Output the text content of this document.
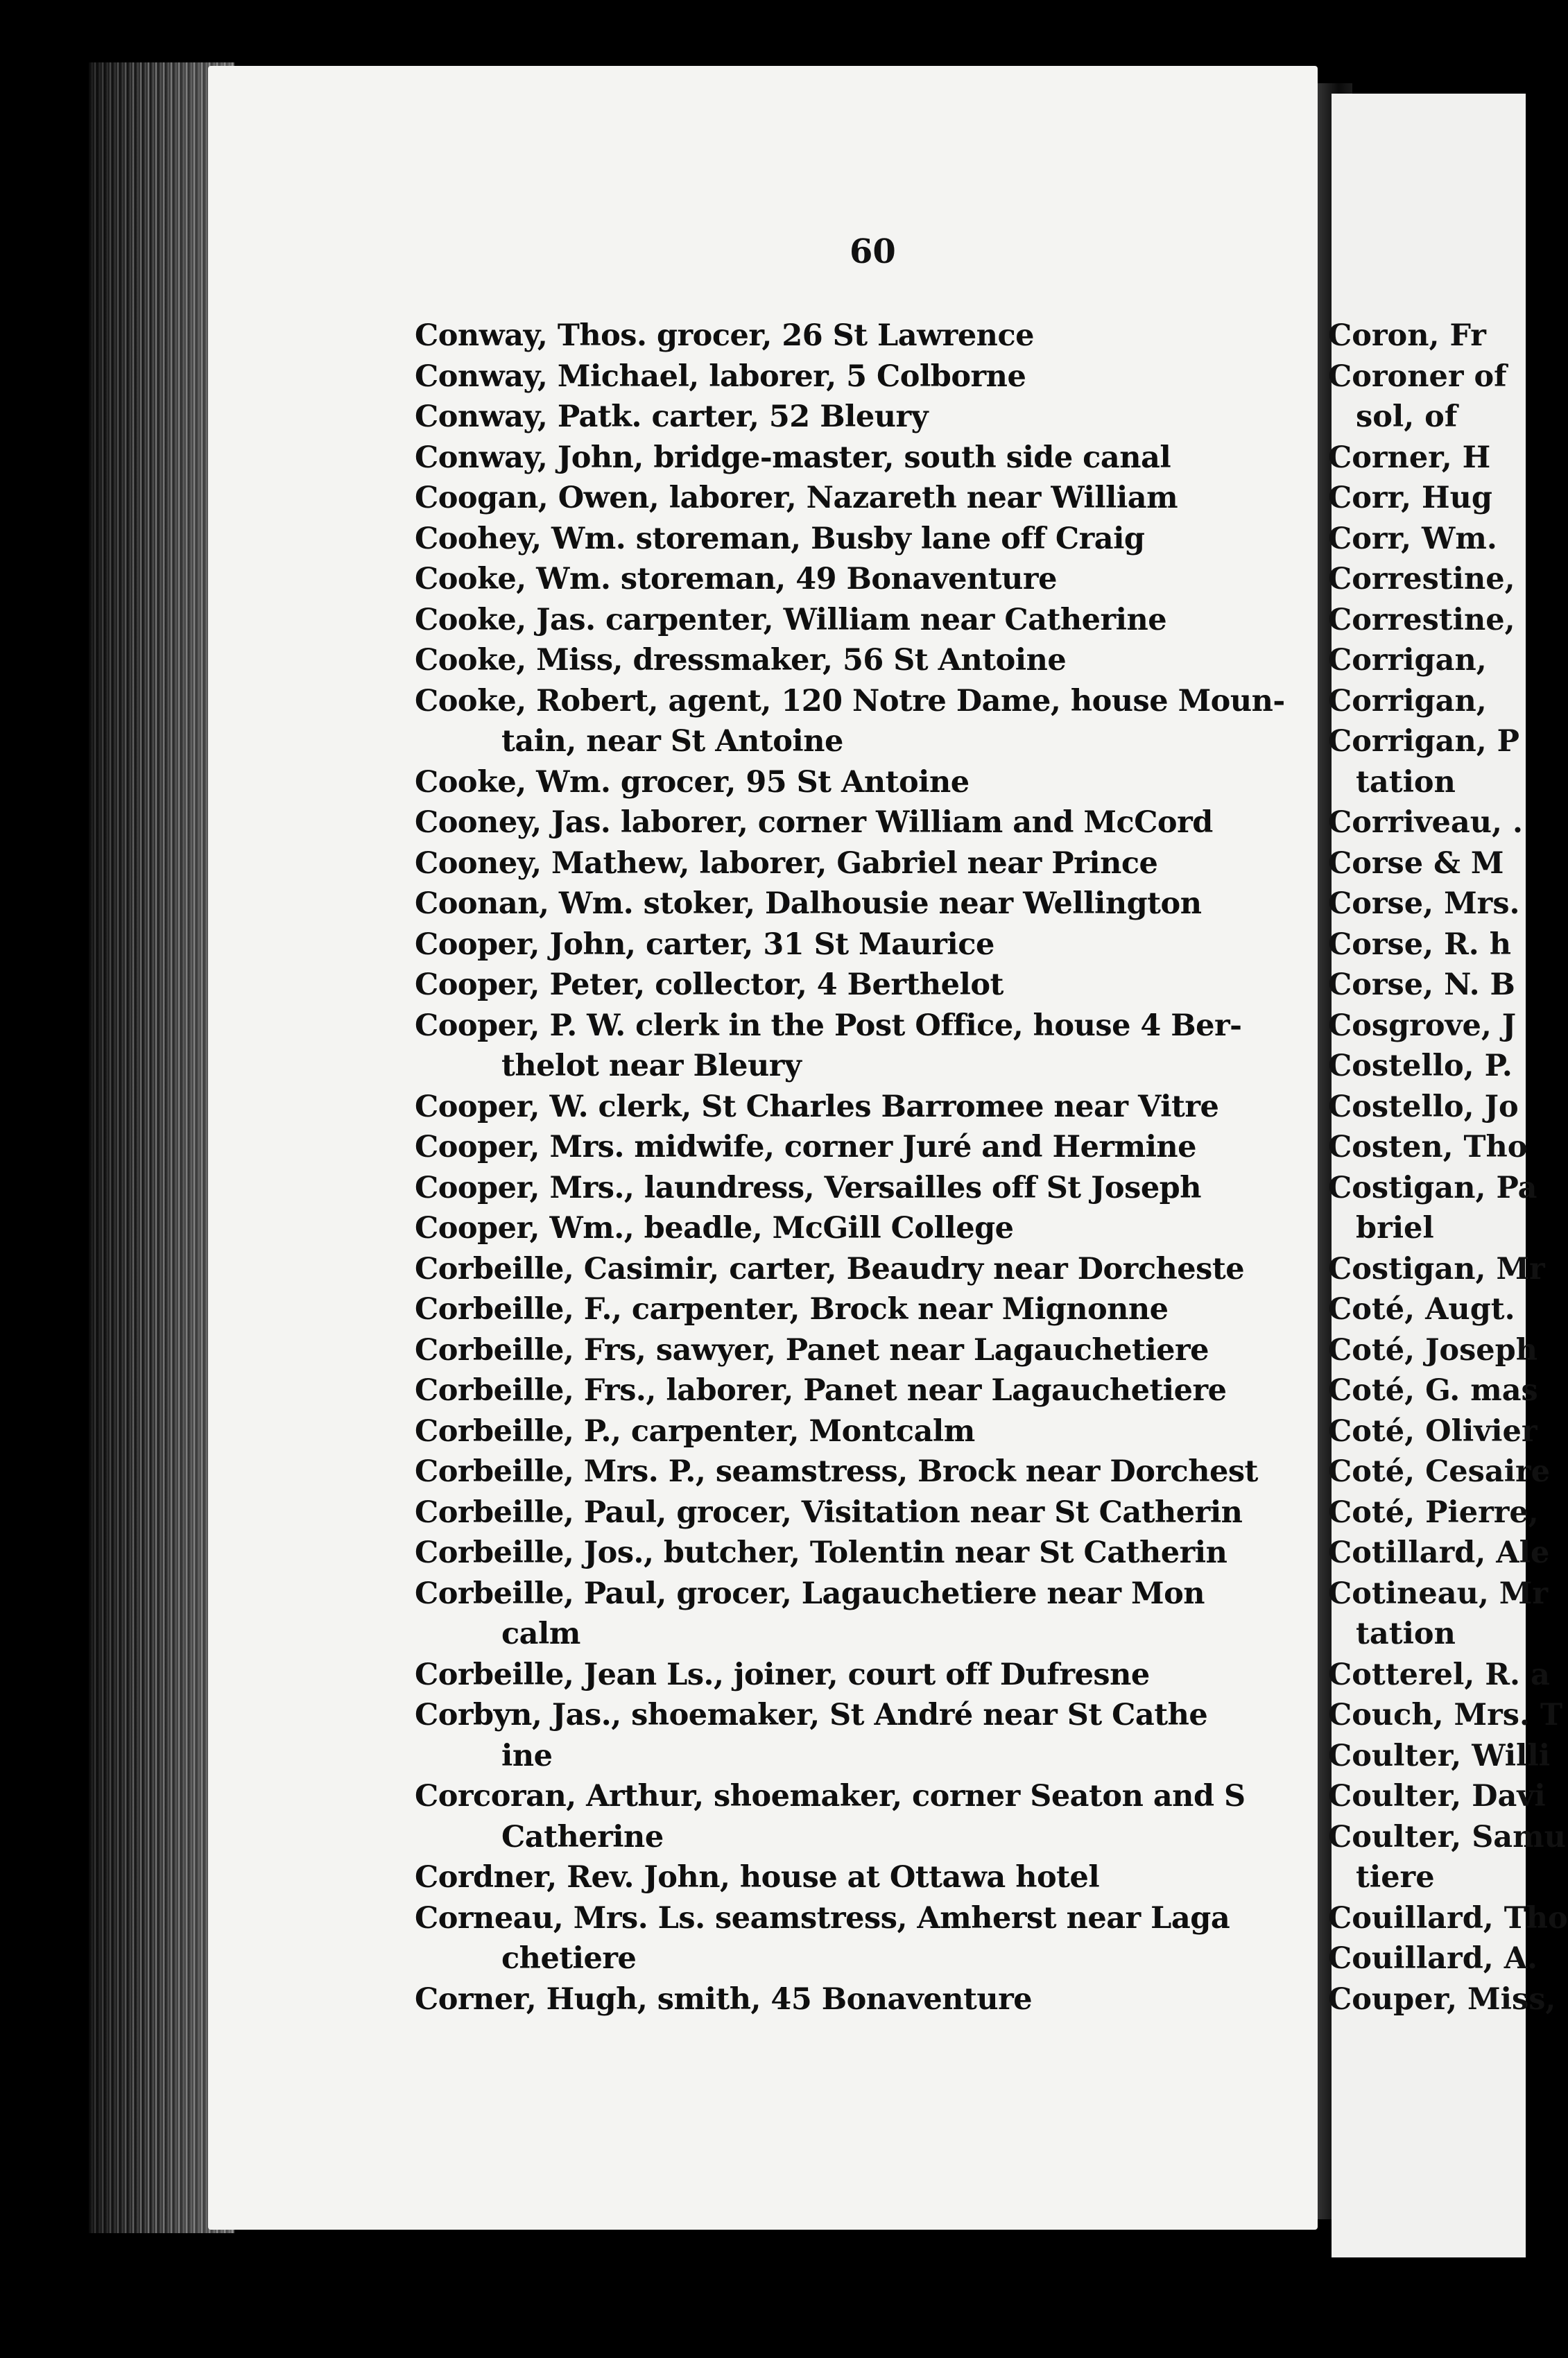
60
Conway, Thos. grocer, 26 St Lawrence
Conway, Michael, laborer, 5 Colborne
Conway, Patk. carter, 52 Bleury
Conway, John, bridge-master, south side canal
Coogan, Owen, laborer, Nazareth near William
Coohey, Wm. storeman, Busby lane off Craig
Cooke, Wm. storeman, 49 Bonaventure
Cooke, Jas. carpenter, William near Catherine
Cooke, Miss, dressmaker, 56 St Antoine
Cooke, Robert, agent, 120 Notre Dame, house Moun-
tain, near St Antoine
Cooke, Wm. grocer, 95 St Antoine
Cooney, Jas. laborer, corner William and McCord
Cooney, Mathew, laborer, Gabriel near Prince
Coonan, Wm. stoker, Dalhousie near Wellington
Cooper, John, carter, 31 St Maurice
Cooper, Peter, collector, 4 Berthelot
Cooper, P. W. clerk in the Post Office, house 4 Ber-
thelot near Bleury
Cooper, W. clerk, St Charles Barromee near Vitre
Cooper, Mrs. midwife, corner Juré and Hermine
Cooper, Mrs., laundress, Versailles off St Joseph
Cooper, Wm., beadle, McGill College
Corbeille, Casimir, carter, Beaudry near Dorcheste
Corbeille, F., carpenter, Brock near Mignonne
Corbeille, Frs, sawyer, Panet near Lagauchetiere
Corbeille, Frs., laborer, Panet near Lagauchetiere
Corbeille, P., carpenter, Montcalm
Corbeille, Mrs. P., seamstress, Brock near Dorchest
Corbeille, Paul, grocer, Visitation near St Catherin
Corbeille, Jos., butcher, Tolentin near St Catherin
Corbeille, Paul, grocer, Lagauchetiere near Mon
calm
Corbeille, Jean Ls., joiner, court off Dufresne
Corbyn, Jas., shoemaker, St André near St Cathe
ine
Corcoran, Arthur, shoemaker, corner Seaton and S
Catherine
Cordner, Rev. John, house at Ottawa hotel
Corneau, Mrs. Ls. seamstress, Amherst near Laga
chetiere
Corner, Hugh, smith, 45 Bonaventure
Coron, Fr
Coroner of
sol, of
Corner, H
Corr, Hug
Corr, Wm.
Correstine,
Correstine,
Corrigan,
Corrigan,
Corrigan, P
tation
Corriveau, .
Corse & M
Corse, Mrs.
Corse, R. h
Corse, N. B
Cosgrove, J
Costello, P.
Costello, Jo
Costen, Tho
Costigan, Pa
briel
Costigan, Mr
Coté, Augt.
Coté, Joseph
Coté, G. mas
Coté, Olivier
Coté, Cesaire
Coté, Pierre,
Cotillard, Ale
Cotineau, Mr
tation
Cotterel, R. a
Couch, Mrs. T
Coulter, Willi
Coulter, Davi
Coulter, Samu
tiere
Couillard, Tho
Couillard, A.
Couper, Miss,
